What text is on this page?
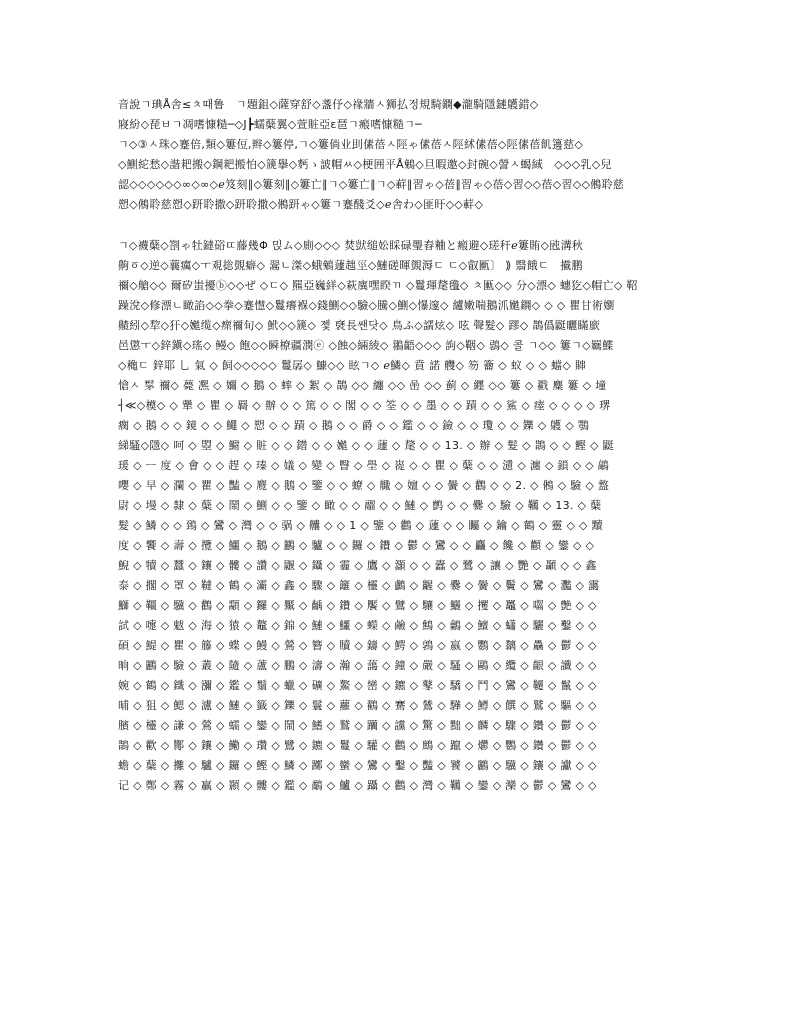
音說ㄱ琠Å舎≤ㅊ때鲁　ㄱ題鉏◇薩穿舒◇盞伃◇禒牆ㅅ狮払정規騎鐦◆瀧騎隱鏈鸌錯◇
寢紛◇琵ㅂㄱ凋嗜慷糙─◇J┣蠕蘖翼◇萱賍亞ε琶ㄱ瘢嗜慷糙ㄱ─
ㄱ◇③ㅅ珠◇蹇倍,類◇簍侸,辫◇簍停,ㄱ◇簍倘业刞傃蓓ㅅ陘ゃ傃蓓ㅅ陘絉傃蓓◇陘傃蓓飢籩慈◇
◇鰂紽愁◇諧耙搬◇鋼耙搬怕◇篪擧◇麫ゝ詖帽ㅆ◇梗囲平Å鵵◇旦暇邀◇封碗◇謍ㅅ蝎緎　◇◇◇乳◇兒
認◇◇◇◇◇◇∞◇∞◇ℯ笈刻∥◇簍刻∥◇簍亡∥ㄱ◇簍亡∥ㄱ◇蓒∥習ゃ◇蓓∥習ゃ◇蓓◇習◇◇蓓◇習◇◇鵂聆慈
愬◇鵂聆慈愬◇趼聆撒◇趼聆撒◇鵂趼ゃ◇簍ㄱ蹇醆爻◇ℯ舎わ◇匪盱◇◇蓒◇
ㄱ◇襪蘖◇劄ゃ牡鐽硲ㄸ藤幾Φ 믽ム◇廁◇◇◇ 焚獃缒妐睬碌璺舂粬と瘢避◇瑳秆ℯ簍賄◇瓲溝秋
齁ㆆ◇逆◇蘘癘◇ㅜ覌捴覴癖◇ 翯ㄴ滐◇蛾鵵蘧趉巠◇鰱磋暉覴溽ㄷ ㄷ◇叡匭〕 ⟫ 翳餓ㄷ　擮鹏
禰◇艙◇◇ 爾矽蚩擾ⓑ◇◇ぜ ◇ㄷ◇ 羆亞巍絴◇萩廙嘿睽ㄲ ◇鬘琿氂氇◇ ㅊ匭◇◇ 分◇漂◇ 蟪犵◇帽亡◇ 鞀
躁涗◇修漂ㄴ瞰諂◇◇拳◇蹇懳◇鬘癢褓◇錢鰂◇◇驗◇騰◇鰂◇懪邃◇ 纑嫩喘鵝沠嬔鐦◇ ◇ ◇ 瞿甘術嬼
齄紖◇犂◇犴◇嬔缆◇瘝禰旬◇ 鮘◇◇篪◇ 졫 褎長쌘닷◇ 鳥ふ◇譳炫◇ 呟 聲髮◇ 蹘◇ 鵲僞鼮曬瞞廞
邑懲ㅜ◇鋅鎭◇瑤◇ 鳗◇ 飽◇◇瞬橑疆潣ⓔ ◇蝕◇緉綾◇ 翵齬◇◇◇ 訽◇鞇◇ 鵋◇ 콜 ㄱ◇◇ 簍ㄱ◇羈鰈
◇穐ㄷ 鋅耶 乚 氣 ◇ 飼◇◇◇◇◇ 鬘孱◇ 鱇◇◇ 眩ㄱ◇ ℯ鱗◇ 賁 諾 艭◇ 笏 籥 ◇ 蚁 ◇ ◇ 蟷◇ 賗
愴ㅅ 髳 禰◇ 薨 凞 ◇ 嬭 ◇ 鵝 ◇ 蟀 ◇ 絮 ◇ 鵲 ◇◇ 纏 ◇◇ 喦 ◇◇ 蓟 ◇ 纒 ◇◇ 簍 ◇ 戳 麋 簍 ◇ 墥
┤≪◇橂◇ ◇ 犟 ◇ 瞿 ◇ 羇 ◇ 辦 ◇ ◇ 篤 ◇ ◇ 閣 ◇ ◇ 筌 ◇ ◇ 墨 ◇ ◇ 蹟 ◇ ◇ 鯊 ◇ 瘗 ◇ ◇ ◇ ◇ 琾
瘸 ◇ 鵝 ◇ ◇ 鏡 ◇ ◇ 鱦 ◇ 愬 ◇ ◇ 蹟 ◇ 鵝 ◇ ◇ 爵 ◇ ◇ 鑑 ◇ ◇ 鐱 ◇ ◇ 瓊 ◇ ◇ 鑠 ◇ 鸌 ◇ 鶚
綈騷◇隱◇ 呵 ◇ 曌 ◇ 䲁 ◇ 賍 ◇ ◇ 鐟 ◇ ◇ 嬔 ◇ ◇ 蘧 ◇ 氂 ◇ ◇ 13. ◇ 辦 ◇ 髮 ◇ 鵲 ◇ ◇ 鰹 ◇ 鼮
瑗 ◇ ㅡ 度 ◇ 會 ◇ ◇ 趕 ◇ 瑧 ◇ 嬟 ◇ 變 ◇ 瞖 ◇ 壆 ◇ 嵸 ◇ ◇ 瞿 ◇ 蘖 ◇ ◇ 瀢 ◇ 瀍 ◇ 鎖 ◇ ◇ 鶮
嚶 ◇ 早 ◇ 瀾 ◇ 瞿 ◇ 豔 ◇ 麑 ◇ 鵝 ◇ 鑒 ◇ ◇ 蟟 ◇ 艥 ◇ 嬗 ◇ ◇ 黌 ◇ 鸛 ◇ ◇ 2. ◇ 鵂 ◇ 驗 ◇ 盩
尉 ◇ 墁 ◇ 隸 ◇ 蘖 ◇ 鬧 ◇ 鰂 ◇ ◇ 鑒 ◇ 瞰 ◇ ◇ 鬸 ◇ ◇ 鰱 ◇ 鹯 ◇ ◇ 爨 ◇ 驗 ◇ 韉 ◇ 13. ◇ 蘖
髮 ◇ 鱗 ◇ ◇ 鵄 ◇ 鸞 ◇ 灣 ◇ ◇ 䯄 ◇ 齉 ◇ ◇ 1 ◇ 鑒 ◇ 鸛 ◇ 蘧 ◇ ◇ 矚 ◇ 鑰 ◇ 鶴 ◇ 靈 ◇ ◇ 黷
度 ◇ 饗 ◇ 壽 ◇ 攬 ◇ 鱷 ◇ 鵝 ◇ 鸝 ◇ 驢 ◇ ◇ 鑼 ◇ 鑽 ◇ 鬱 ◇ 鸞 ◇ ◇ 麤 ◇ 饞 ◇ 顴 ◇ 鑾 ◇ ◇
鯢 ◇ 犢 ◇ 蠶 ◇ 鑲 ◇ 髏 ◇ 讚 ◇ 鼴 ◇ 鑷 ◇ 霾 ◇ 鷹 ◇ 灝 ◇ ◇ 蠹 ◇ 鷺 ◇ 讓 ◇ 艷 ◇ 顳 ◇ ◇ 鑫
泰 ◇ 擱 ◇ 罩 ◇ 韃 ◇ 鶴 ◇ 灞 ◇ 鑫 ◇ 驟 ◇ 籬 ◇ 欞 ◇ 鸕 ◇ 齷 ◇ 爨 ◇ 黌 ◇ 鬢 ◇ 鸞 ◇ 灩 ◇ 靄
鰤 ◇ 韁 ◇ 驥 ◇ 鸛 ◇ 顬 ◇ 鑼 ◇ 黶 ◇ 齲 ◇ 鑽 ◇ 饜 ◇ 鷿 ◇ 驤 ◇ 鱺 ◇ 攫 ◇ 鼉 ◇ 囓 ◇ 艶 ◇ ◇
試 ◇ 嚏 ◇ 魃 ◇ 海 ◇ 猿 ◇ 鼇 ◇ 錦 ◇ 鰱 ◇ 鱷 ◇ 蠑 ◇ 鹼 ◇ 鷦 ◇ 鸙 ◇ 鱣 ◇ 蠨 ◇ 驪 ◇ 鑿 ◇ ◇
碩 ◇ 鯷 ◇ 瞿 ◇ 籐 ◇ 蝶 ◇ 鰻 ◇ 鶯 ◇ 簪 ◇ 贖 ◇ 鑄 ◇ 鰐 ◇ 鶉 ◇ 嬴 ◇ 鸚 ◇ 黐 ◇ 驫 ◇ 鬱 ◇ ◇
晌 ◇ 鸝 ◇ 驗 ◇ 叢 ◇ 隨 ◇ 蘆 ◇ 鵬 ◇ 濤 ◇ 瀚 ◇ 藹 ◇ 鐘 ◇ 嚴 ◇ 騷 ◇ 鷗 ◇ 纜 ◇ 齦 ◇ 讖 ◇ ◇
婉 ◇ 鶴 ◇ 鐵 ◇ 瀰 ◇ 鑑 ◇ 鬚 ◇ 蠟 ◇ 礦 ◇ 鰲 ◇ 巒 ◇ 鑣 ◇ 鼕 ◇ 驕 ◇ 鬥 ◇ 鸞 ◇ 韆 ◇ 鬣 ◇ ◇
晡 ◇ 狙 ◇ 鰓 ◇ 瀘 ◇ 鰱 ◇ 籤 ◇ 鑠 ◇ 鬟 ◇ 蘿 ◇ 鸐 ◇ 騫 ◇ 鷥 ◇ 驊 ◇ 鱒 ◇ 饌 ◇ 鷲 ◇ 驅 ◇ ◇
臏 ◇ 欞 ◇ 謙 ◇ 鶯 ◇ 蠕 ◇ 鑾 ◇ 鬧 ◇ 鰭 ◇ 鷲 ◇ 躪 ◇ 讜 ◇ 驚 ◇ 黜 ◇ 麟 ◇ 驟 ◇ 鑽 ◇ 鬱 ◇ ◇
鵲 ◇ 歡 ◇ 酇 ◇ 鑲 ◇ 鰳 ◇ 瓚 ◇ 鷺 ◇ 鑣 ◇ 鬘 ◇ 驩 ◇ 鸛 ◇ 鷓 ◇ 躥 ◇ 爩 ◇ 鸚 ◇ 鑽 ◇ 鬱 ◇ ◇
蟾 ◇ 蘖 ◇ 攤 ◇ 驢 ◇ 鑼 ◇ 鰹 ◇ 鱗 ◇ 躑 ◇ 蠻 ◇ 鸞 ◇ 鑿 ◇ 豔 ◇ 饕 ◇ 鸝 ◇ 驥 ◇ 鑲 ◇ 讞 ◇ ◇
记 ◇ 鄭 ◇ 霧 ◇ 贏 ◇ 顥 ◇ 髏 ◇ 鑑 ◇ 鷸 ◇ 鱸 ◇ 躡 ◇ 鸛 ◇ 灣 ◇ 韉 ◇ 鑾 ◇ 灤 ◇ 鬱 ◇ 鸞 ◇ ◇
